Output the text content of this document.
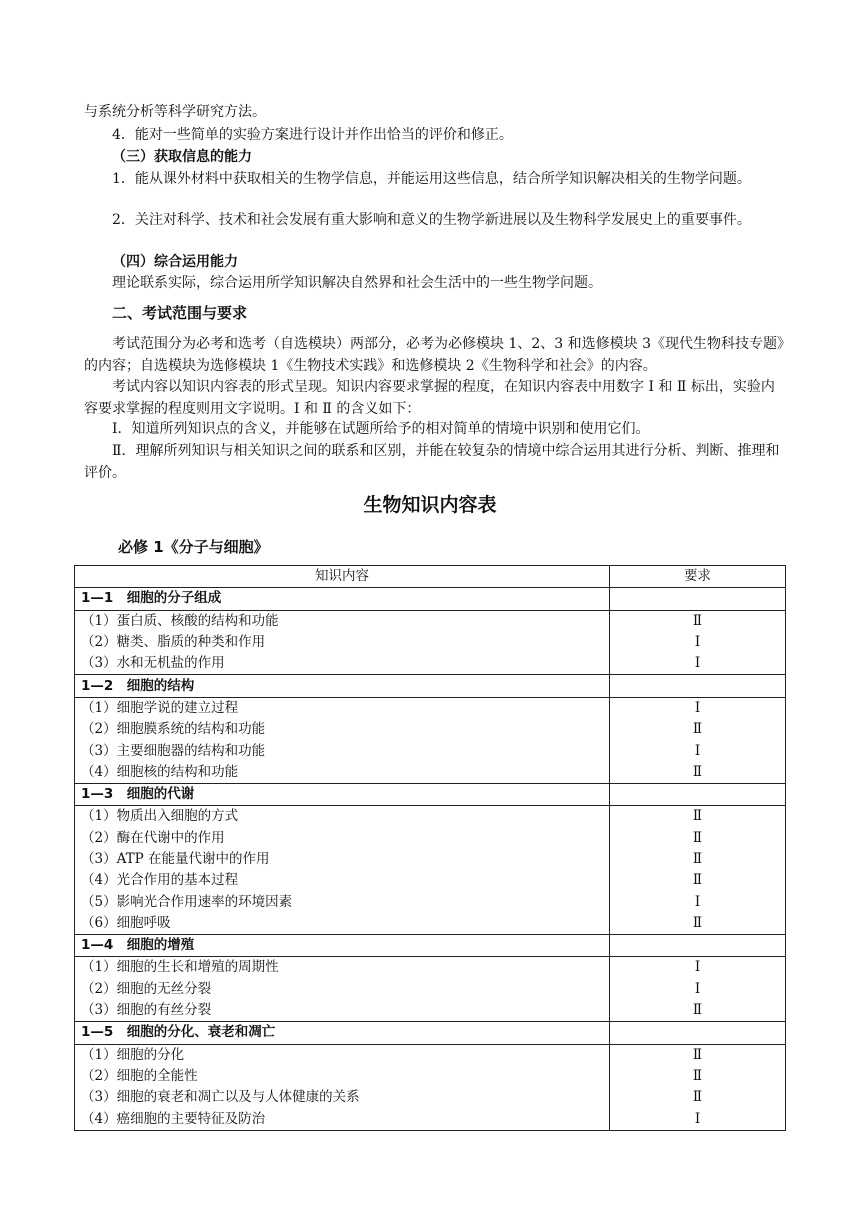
与系统分析等科学研究方法。

4．能对一些简单的实验方案进行设计并作出恰当的评价和修正。

（三）获取信息的能力

1．能从课外材料中获取相关的生物学信息，并能运用这些信息，结合所学知识解决相关的生物学问题。

2．关注对科学、技术和社会发展有重大影响和意义的生物学新进展以及生物科学发展史上的重要事件。

（四）综合运用能力

理论联系实际，综合运用所学知识解决自然界和社会生活中的一些生物学问题。

二、考试范围与要求

考试范围分为必考和选考（自选模块）两部分，必考为必修模块 1、2、3 和选修模块 3《现代生物科技专题》的内容；自选模块为选修模块 1《生物技术实践》和选修模块 2《生物科学和社会》的内容。

考试内容以知识内容表的形式呈现。知识内容要求掌握的程度，在知识内容表中用数字 Ⅰ 和 Ⅱ 标出，实验内容要求掌握的程度则用文字说明。Ⅰ 和 Ⅱ 的含义如下：

Ⅰ．知道所列知识点的含义，并能够在试题所给予的相对简单的情境中识别和使用它们。

Ⅱ．理解所列知识与相关知识之间的联系和区别，并能在较复杂的情境中综合运用其进行分析、判断、推理和评价。

生物知识内容表
必修 1《分子与细胞》
知识内容	要求
1—1　细胞的分子组成	
（1）蛋白质、核酸的结构和功能	Ⅱ
（2）糖类、脂质的种类和作用	Ⅰ
（3）水和无机盐的作用	Ⅰ
1—2　细胞的结构	
（1）细胞学说的建立过程	Ⅰ
（2）细胞膜系统的结构和功能	Ⅱ
（3）主要细胞器的结构和功能	Ⅰ
（4）细胞核的结构和功能	Ⅱ
1—3　细胞的代谢	
（1）物质出入细胞的方式	Ⅱ
（2）酶在代谢中的作用	Ⅱ
（3）ATP 在能量代谢中的作用	Ⅱ
（4）光合作用的基本过程	Ⅱ
（5）影响光合作用速率的环境因素	Ⅰ
（6）细胞呼吸	Ⅱ
1—4　细胞的增殖	
（1）细胞的生长和增殖的周期性	Ⅰ
（2）细胞的无丝分裂	Ⅰ
（3）细胞的有丝分裂	Ⅱ
1—5　细胞的分化、衰老和凋亡	
（1）细胞的分化	Ⅱ
（2）细胞的全能性	Ⅱ
（3）细胞的衰老和凋亡以及与人体健康的关系	Ⅱ
（4）癌细胞的主要特征及防治	Ⅰ
